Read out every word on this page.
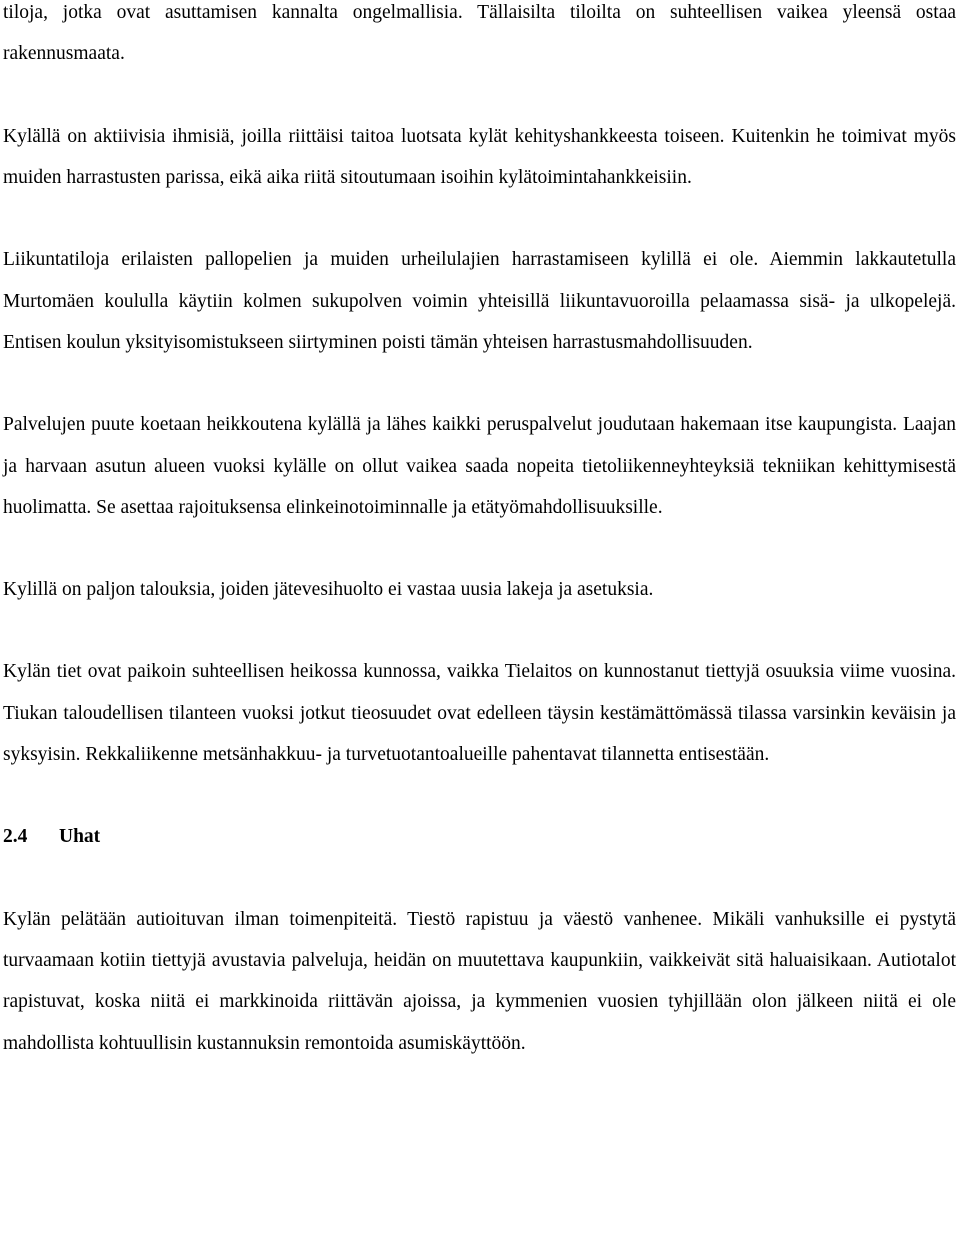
tiloja, jotka ovat asuttamisen kannalta ongelmallisia. Tällaisilta tiloilta on suhteellisen vaikea yleensä ostaa rakennusmaata.

Kylällä on aktiivisia ihmisiä, joilla riittäisi taitoa luotsata kylät kehityshankkeesta toiseen. Kuitenkin he toimivat myös muiden harrastusten parissa, eikä aika riitä sitoutumaan isoihin kylätoimintahankkeisiin.

Liikuntatiloja erilaisten pallopelien ja muiden urheilulajien harrastamiseen kylillä ei ole. Aiemmin lakkautetulla Murtomäen koululla käytiin kolmen sukupolven voimin yhteisillä liikuntavuoroilla pelaamassa sisä- ja ulkopelejä. Entisen koulun yksityisomistukseen siirtyminen poisti tämän yhteisen harrastusmahdollisuuden.

Palvelujen puute koetaan heikkoutena kylällä ja lähes kaikki peruspalvelut joudutaan hakemaan itse kaupungista. Laajan ja harvaan asutun alueen vuoksi kylälle on ollut vaikea saada nopeita tietoliikenneyhteyksiä tekniikan kehittymisestä huolimatta. Se asettaa rajoituksensa elinkeinotoiminnalle ja etätyömahdollisuuksille.

Kylillä on paljon talouksia, joiden jätevesihuolto ei vastaa uusia lakeja ja asetuksia.

Kylän tiet ovat paikoin suhteellisen heikossa kunnossa, vaikka Tielaitos on kunnostanut tiettyjä osuuksia viime vuosina. Tiukan taloudellisen tilanteen vuoksi jotkut tieosuudet ovat edelleen täysin kestämättömässä tilassa varsinkin keväisin ja syksyisin. Rekkaliikenne metsänhakkuu- ja turvetuotantoalueille pahentavat tilannetta entisestään.

2.4 Uhat

Kylän pelätään autioituvan ilman toimenpiteitä. Tiestö rapistuu ja väestö vanhenee. Mikäli vanhuksille ei pystytä turvaamaan kotiin tiettyjä avustavia palveluja, heidän on muutettava kaupunkiin, vaikkeivät sitä haluaisikaan. Autiotalot rapistuvat, koska niitä ei markkinoida riittävän ajoissa, ja kymmenien vuosien tyhjillään olon jälkeen niitä ei ole mahdollista kohtuullisin kustannuksin remontoida asumiskäyttöön.
